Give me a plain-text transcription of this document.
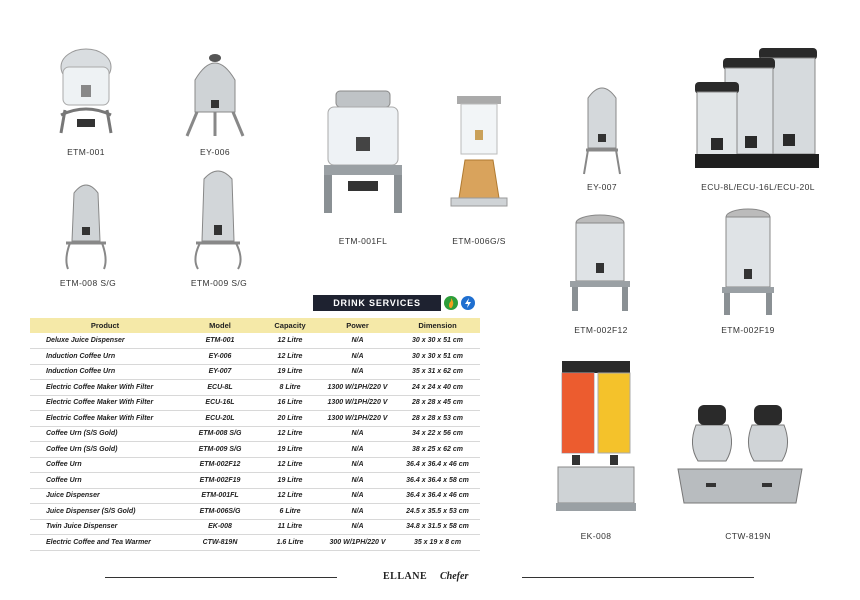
ETM-001	EY-006
ETM-001FL	ETM-006G/S
EY-007	ECU-8L/ECU-16L/ECU-20L
ETM-008 S/G	ETM-009 S/G
ETM-002F12	ETM-002F19
EK-008	CTW-819N
DRINK SERVICES
Product	Model	Capacity	Power	Dimension
Deluxe Juice Dispenser	ETM-001	12 Litre	N/A	30 x 30 x 51 cm
Induction Coffee Urn	EY-006	12 Litre	N/A	30 x 30 x 51 cm
Induction Coffee Urn	EY-007	19 Litre	N/A	35 x 31 x 62 cm
Electric Coffee Maker With Filter	ECU-8L	8 Litre	1300 W/1PH/220 V	24 x 24 x 40 cm
Electric Coffee Maker With Filter	ECU-16L	16 Litre	1300 W/1PH/220 V	28 x 28 x 45 cm
Electric Coffee Maker With Filter	ECU-20L	20 Litre	1300 W/1PH/220 V	28 x 28 x 53 cm
Coffee Urn (S/S Gold)	ETM-008 S/G	12 Litre	N/A	34 x 22 x 56 cm
Coffee Urn (S/S Gold)	ETM-009 S/G	19 Litre	N/A	38 x 25 x 62 cm
Coffee Urn	ETM-002F12	12 Litre	N/A	36.4 x 36.4 x 46 cm
Coffee Urn	ETM-002F19	19 Litre	N/A	36.4 x 36.4 x 58 cm
Juice Dispenser	ETM-001FL	12 Litre	N/A	36.4 x 36.4 x 46 cm
Juice Dispenser (S/S Gold)	ETM-006S/G	6 Litre	N/A	24.5 x 35.5 x 53 cm
Twin Juice Dispenser	EK-008	11 Litre	N/A	34.8 x 31.5 x 58 cm
Electric Coffee and Tea Warmer	CTW-819N	1.6 Litre	300 W/1PH/220 V	35 x 19 x 8 cm
ELLANE Chefer
